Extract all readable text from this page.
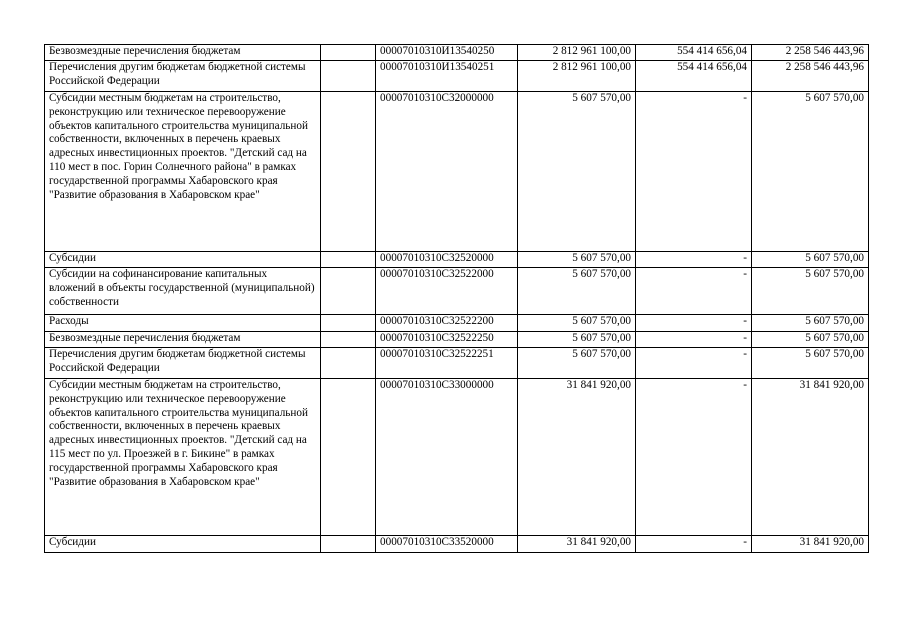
Безвозмездные перечисления бюджетам		00007010310И13540250	2 812 961 100,00	554 414 656,04	2 258 546 443,96
Перечисления другим бюджетам бюджетной системы Российской Федерации		00007010310И13540251	2 812 961 100,00	554 414 656,04	2 258 546 443,96
Субсидии местным бюджетам на строительство, реконструкцию или техническое перевооружение объектов капитального строительства муниципальной собственности, включенных в перечень краевых адресных инвестиционных проектов. "Детский сад на 110 мест в пос. Горин Солнечного района" в рамках государственной программы Хабаровского края "Развитие образования в Хабаровском крае"		00007010310С32000000	5 607 570,00	-	5 607 570,00
Субсидии		00007010310С32520000	5 607 570,00	-	5 607 570,00
Субсидии на софинансирование капитальных вложений в объекты государственной (муниципальной) собственности		00007010310С32522000	5 607 570,00	-	5 607 570,00
Расходы		00007010310С32522200	5 607 570,00	-	5 607 570,00
Безвозмездные перечисления бюджетам		00007010310С32522250	5 607 570,00	-	5 607 570,00
Перечисления другим бюджетам бюджетной системы Российской Федерации		00007010310С32522251	5 607 570,00	-	5 607 570,00
Субсидии местным бюджетам на строительство, реконструкцию или техническое перевооружение объектов капитального строительства муниципальной собственности, включенных в перечень краевых адресных инвестиционных проектов. "Детский сад на 115 мест по ул. Проезжей в г. Бикине" в рамках государственной программы Хабаровского края "Развитие образования в Хабаровском крае"		00007010310С33000000	31 841 920,00	-	31 841 920,00
Субсидии		00007010310С33520000	31 841 920,00	-	31 841 920,00
